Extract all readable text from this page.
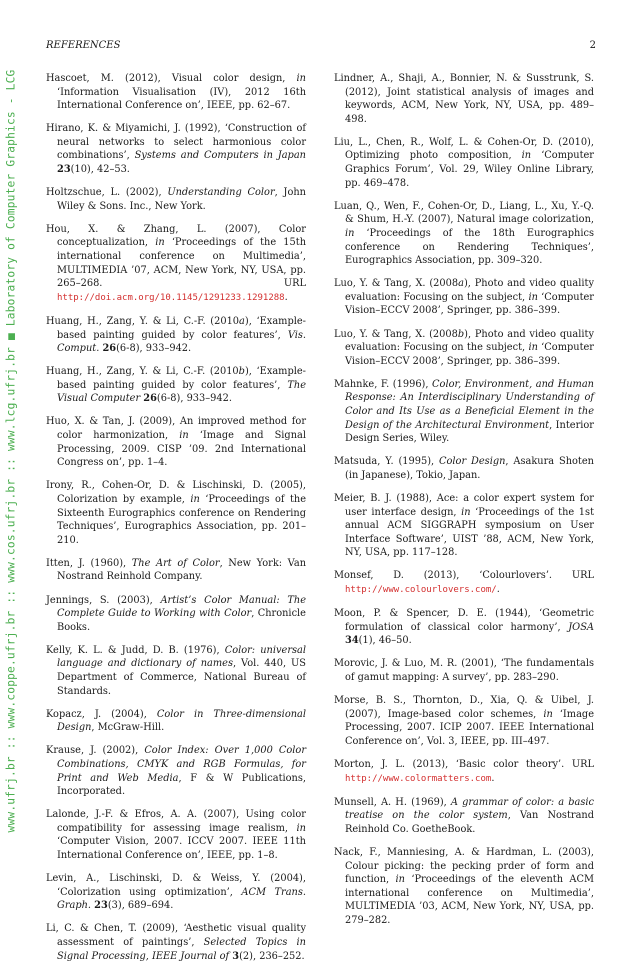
www.ufrj.br :: www.coppe.ufrj.br :: www.cos.ufrj.br :: www.lcg.ufrj.br ■ Laboratory of Computer Graphics - LCG
REFERENCES	2

Hascoet, M. (2012), Visual color design, in ‘Information Visualisation (IV), 2012 16th International Conference on’, IEEE, pp. 62–67.

Hirano, K. & Miyamichi, J. (1992), ‘Construction of neural networks to select harmonious color combinations’, Systems and Computers in Japan 23(10), 42–53.

Holtzschue, L. (2002), Understanding Color, John Wiley & Sons. Inc., New York.

Hou, X. & Zhang, L. (2007), Color conceptualization, in ‘Proceedings of the 15th international conference on Multimedia’, MULTIMEDIA ’07, ACM, New York, NY, USA, pp. 265–268. URL http://doi.acm.org/10.1145/1291233.1291288.

Huang, H., Zang, Y. & Li, C.-F. (2010a), ‘Example-based painting guided by color features’, Vis. Comput. 26(6-8), 933–942.

Huang, H., Zang, Y. & Li, C.-F. (2010b), ‘Example-based painting guided by color features’, The Visual Computer 26(6-8), 933–942.

Huo, X. & Tan, J. (2009), An improved method for color harmonization, in ‘Image and Signal Processing, 2009. CISP ’09. 2nd International Congress on’, pp. 1–4.

Irony, R., Cohen-Or, D. & Lischinski, D. (2005), Colorization by example, in ‘Proceedings of the Sixteenth Eurographics conference on Rendering Techniques’, Eurographics Association, pp. 201–210.

Itten, J. (1960), The Art of Color, New York: Van Nostrand Reinhold Company.

Jennings, S. (2003), Artist’s Color Manual: The Complete Guide to Working with Color, Chronicle Books.

Kelly, K. L. & Judd, D. B. (1976), Color: universal language and dictionary of names, Vol. 440, US Department of Commerce, National Bureau of Standards.

Kopacz, J. (2004), Color in Three-dimensional Design, McGraw-Hill.

Krause, J. (2002), Color Index: Over 1,000 Color Combinations, CMYK and RGB Formulas, for Print and Web Media, F & W Publications, Incorporated.

Lalonde, J.-F. & Efros, A. A. (2007), Using color compatibility for assessing image realism, in ‘Computer Vision, 2007. ICCV 2007. IEEE 11th International Conference on’, IEEE, pp. 1–8.

Levin, A., Lischinski, D. & Weiss, Y. (2004), ‘Colorization using optimization’, ACM Trans. Graph. 23(3), 689–694.

Li, C. & Chen, T. (2009), ‘Aesthetic visual quality assessment of paintings’, Selected Topics in Signal Processing, IEEE Journal of 3(2), 236–252.

Lindner, A., Shaji, A., Bonnier, N. & Susstrunk, S. (2012), Joint statistical analysis of images and keywords, ACM, New York, NY, USA, pp. 489–498.

Liu, L., Chen, R., Wolf, L. & Cohen-Or, D. (2010), Optimizing photo composition, in ‘Computer Graphics Forum’, Vol. 29, Wiley Online Library, pp. 469–478.

Luan, Q., Wen, F., Cohen-Or, D., Liang, L., Xu, Y.-Q. & Shum, H.-Y. (2007), Natural image colorization, in ‘Proceedings of the 18th Eurographics conference on Rendering Techniques’, Eurographics Association, pp. 309–320.

Luo, Y. & Tang, X. (2008a), Photo and video quality evaluation: Focusing on the subject, in ‘Computer Vision–ECCV 2008’, Springer, pp. 386–399.

Luo, Y. & Tang, X. (2008b), Photo and video quality evaluation: Focusing on the subject, in ‘Computer Vision–ECCV 2008’, Springer, pp. 386–399.

Mahnke, F. (1996), Color, Environment, and Human Response: An Interdisciplinary Understanding of Color and Its Use as a Beneficial Element in the Design of the Architectural Environment, Interior Design Series, Wiley.

Matsuda, Y. (1995), Color Design, Asakura Shoten (in Japanese), Tokio, Japan.

Meier, B. J. (1988), Ace: a color expert system for user interface design, in ‘Proceedings of the 1st annual ACM SIGGRAPH symposium on User Interface Software’, UIST ’88, ACM, New York, NY, USA, pp. 117–128.

Monsef, D. (2013), ‘Colourlovers’. URL http://www.colourlovers.com/.

Moon, P. & Spencer, D. E. (1944), ‘Geometric formulation of classical color harmony’, JOSA 34(1), 46–50.

Morovic, J. & Luo, M. R. (2001), ‘The fundamentals of gamut mapping: A survey’, pp. 283–290.

Morse, B. S., Thornton, D., Xia, Q. & Uibel, J. (2007), Image-based color schemes, in ‘Image Processing, 2007. ICIP 2007. IEEE International Conference on’, Vol. 3, IEEE, pp. III–497.

Morton, J. L. (2013), ‘Basic color theory’. URL http://www.colormatters.com.

Munsell, A. H. (1969), A grammar of color: a basic treatise on the color system, Van Nostrand Reinhold Co. GoetheBook.

Nack, F., Manniesing, A. & Hardman, L. (2003), Colour picking: the pecking prder of form and function, in ‘Proceedings of the eleventh ACM international conference on Multimedia’, MULTIMEDIA ’03, ACM, New York, NY, USA, pp. 279–282.
